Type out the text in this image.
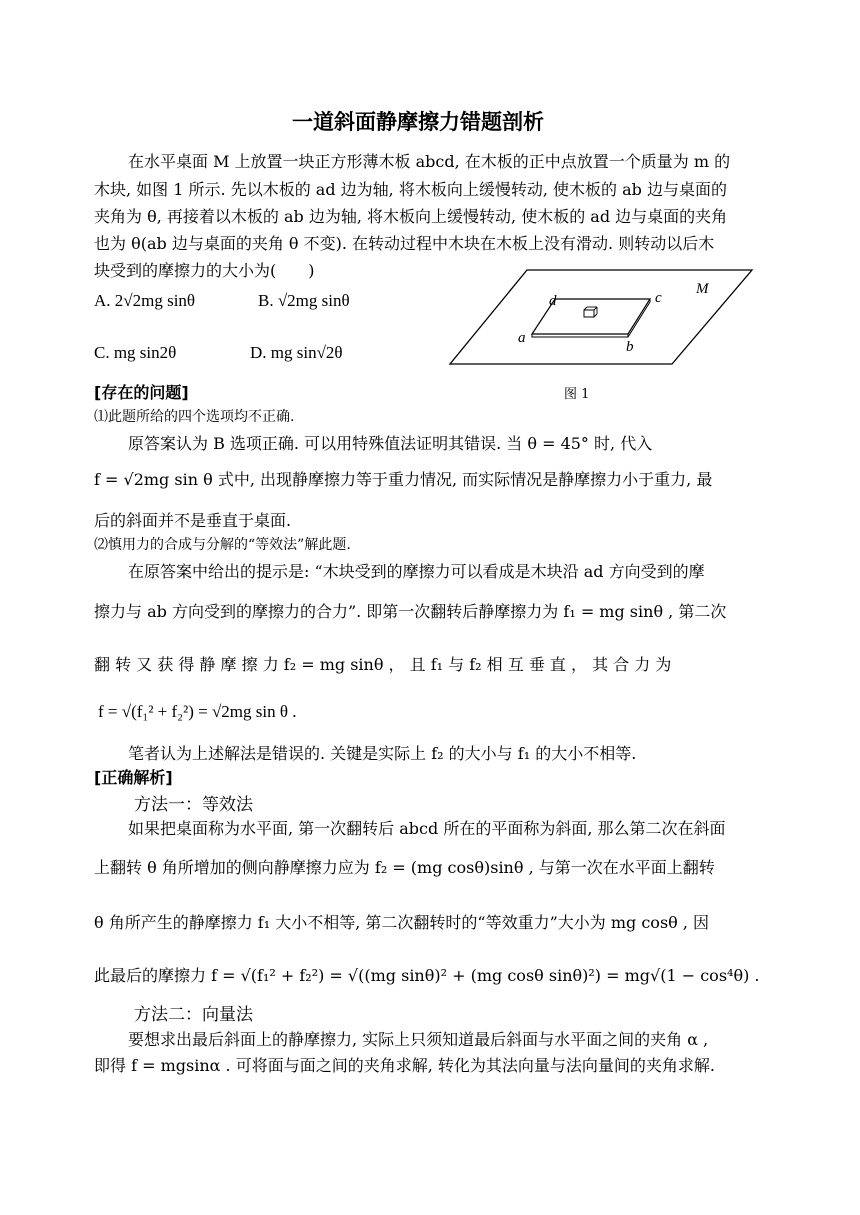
一道斜面静摩擦力错题剖析
在水平桌面 M 上放置一块正方形薄木板 abcd, 在木板的正中点放置一个质量为 m 的
木块, 如图 1 所示. 先以木板的 ad 边为轴, 将木板向上缓慢转动, 使木板的 ab 边与桌面的
夹角为 θ, 再接着以木板的 ab 边为轴, 将木板向上缓慢转动, 使木板的 ad 边与桌面的夹角
也为 θ(ab 边与桌面的夹角 θ 不变). 在转动过程中木块在木板上没有滑动. 则转动以后木
块受到的摩擦力的大小为(　　)
A. 2√2mg sinθ	B. √2mg sinθ
C. mg sin2θ	D. mg sin√2θ
M
d	c
a
b
图 1
[存在的问题]
⑴此题所给的四个选项均不正确.
原答案认为 B 选项正确. 可以用特殊值法证明其错误. 当 θ = 45° 时, 代入
f = √2mg sin θ 式中, 出现静摩擦力等于重力情况, 而实际情况是静摩擦力小于重力, 最
后的斜面并不是垂直于桌面.
⑵慎用力的合成与分解的“等效法”解此题.
在原答案中给出的提示是: “木块受到的摩擦力可以看成是木块沿 ad 方向受到的摩
擦力与 ab 方向受到的摩擦力的合力”. 即第一次翻转后静摩擦力为 f₁ = mg sinθ , 第二次
翻 转 又 获 得 静 摩 擦 力 f₂ = mg sinθ ， 且 f₁ 与 f₂ 相 互 垂 直 ， 其 合 力 为
f = √(f₁² + f₂²) = √2mg sin θ .
笔者认为上述解法是错误的. 关键是实际上 f₂ 的大小与 f₁ 的大小不相等.
[正确解析]
方法一：等效法
如果把桌面称为水平面, 第一次翻转后 abcd 所在的平面称为斜面, 那么第二次在斜面
上翻转 θ 角所增加的侧向静摩擦力应为 f₂ = (mg cosθ)sinθ , 与第一次在水平面上翻转
θ 角所产生的静摩擦力 f₁ 大小不相等, 第二次翻转时的“等效重力”大小为 mg cosθ , 因
此最后的摩擦力 f = √(f₁² + f₂²) = √((mg sinθ)² + (mg cosθ sinθ)²) = mg√(1 − cos⁴θ) .
方法二：向量法
要想求出最后斜面上的静摩擦力, 实际上只须知道最后斜面与水平面之间的夹角 α ,
即得 f = mgsinα . 可将面与面之间的夹角求解, 转化为其法向量与法向量间的夹角求解.
